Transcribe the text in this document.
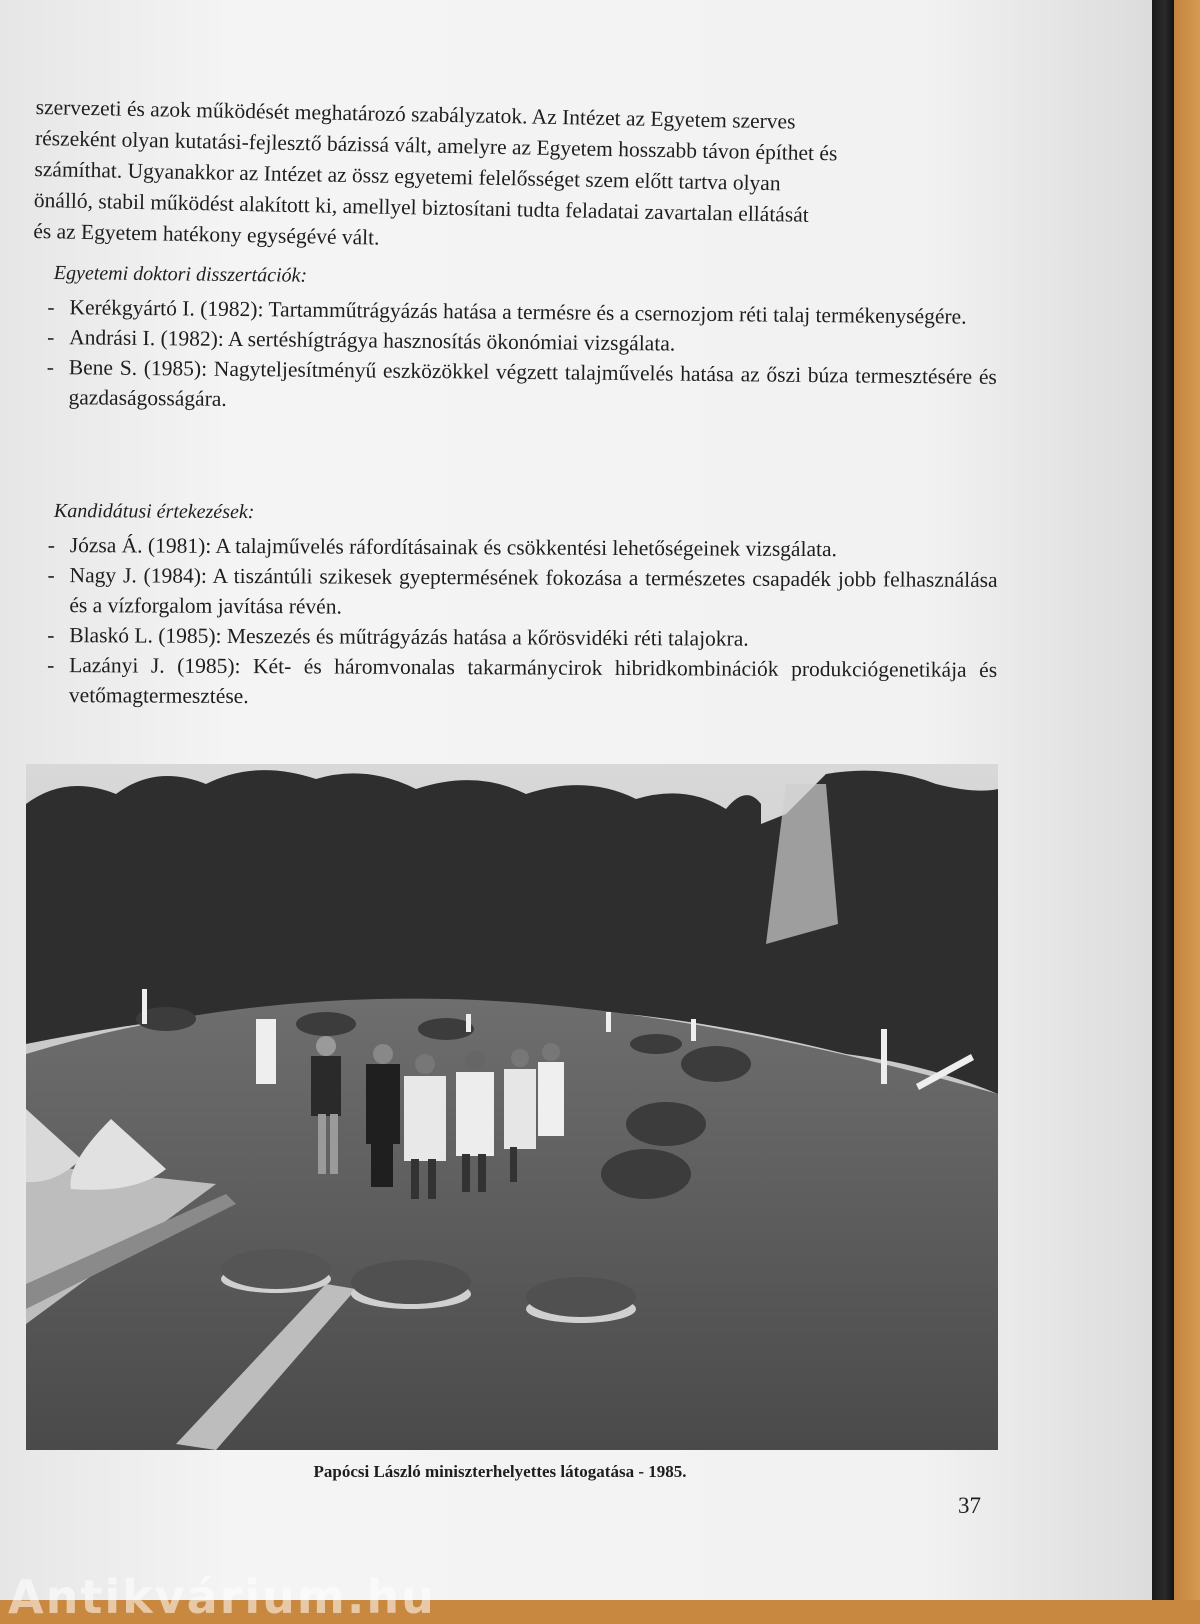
szervezeti és azok működését meghatározó szabályzatok. Az Intézet az Egyetem szerves
részeként olyan kutatási-fejlesztő bázissá vált, amelyre az Egyetem hosszabb távon építhet és
számíthat. Ugyanakkor az Intézet az össz egyetemi felelősséget szem előtt tartva olyan
önálló, stabil működést alakított ki, amellyel biztosítani tudta feladatai zavartalan ellátását
és az Egyetem hatékony egységévé vált.
Egyetemi doktori disszertációk:
- Kerékgyártó I. (1982): Tartamműtrágyázás hatása a termésre és a csernozjom réti talaj termékenységére.
- Andrási I. (1982): A sertéshígtrágya hasznosítás ökonómiai vizsgálata.
- Bene S. (1985): Nagyteljesítményű eszközökkel végzett talajművelés hatása az őszi búza termesztésére és gazdaságosságára.
Kandidátusi értekezések:
- Józsa Á. (1981): A talajművelés ráfordításainak és csökkentési lehetőségeinek vizsgálata.
- Nagy J. (1984): A tiszántúli szikesek gyeptermésének fokozása a természetes csapadék jobb felhasználása és a vízforgalom javítása révén.
- Blaskó L. (1985): Meszezés és műtrágyázás hatása a kőrösvidéki réti talajokra.
- Lazányi J. (1985): Két- és háromvonalas takarmánycirok hibridkombinációk produkciógenetikája és vetőmagtermesztése.
Papócsi László miniszterhelyettes látogatása - 1985.
37
Antikvárium.hu
